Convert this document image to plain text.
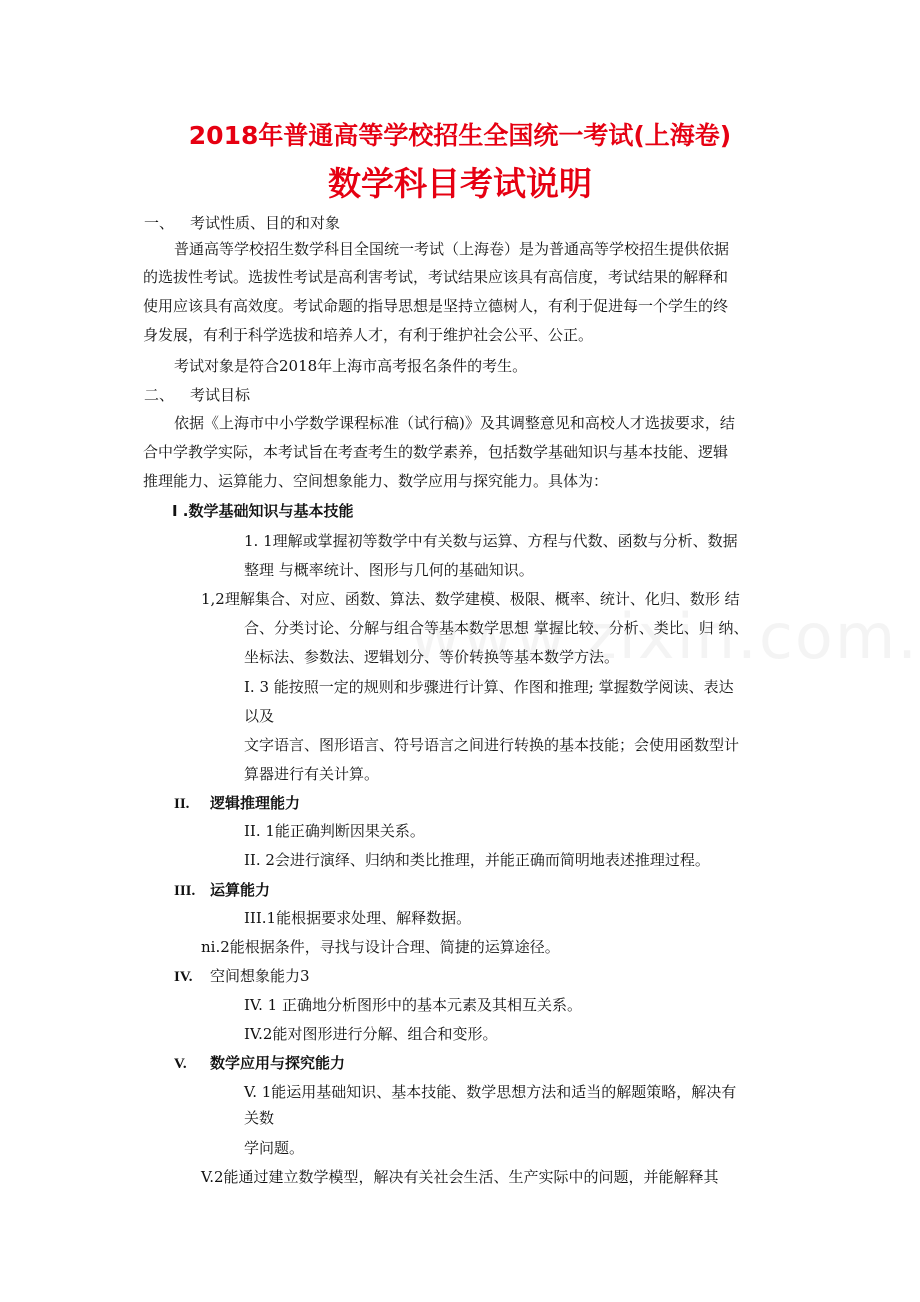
2018年普通高等学校招生全国统一考试(上海卷)
数学科目考试说明
一、 考试性质、目的和对象
普通高等学校招生数学科目全国统一考试（上海卷）是为普通高等学校招生提供依据
的选拔性考试。选拔性考试是高利害考试，考试结果应该具有高信度，考试结果的解释和
使用应该具有高效度。考试命题的指导思想是坚持立德树人，有利于促进每一个学生的终
身发展，有利于科学选拔和培养人才，有利于维护社会公平、公正。
考试对象是符合2018年上海市高考报名条件的考生。
二、 考试目标
依据《上海市中小学数学课程标准（试行稿)》及其调整意见和高校人才选拔要求，结
合中学教学实际，本考试旨在考查考生的数学素养，包括数学基础知识与基本技能、逻辑
推理能力、运算能力、空间想象能力、数学应用与探究能力。具体为：
I .数学基础知识与基本技能
1. 1理解或掌握初等数学中有关数与运算、方程与代数、函数与分析、数据
整理 与概率统计、图形与几何的基础知识。
1,2理解集合、对应、函数、算法、数学建模、极限、概率、统计、化归、数形 结
合、分类讨论、分解与组合等基本数学思想 掌握比较、分析、类比、归 纳、
坐标法、参数法、逻辑划分、等价转换等基本数学方法。
I. 3 能按照一定的规则和步骤进行计算、作图和推理; 掌握数学阅读、表达
以及
文字语言、图形语言、符号语言之间进行转换的基本技能；会使用函数型计
算器进行有关计算。
II. 逻辑推理能力
II. 1能正确判断因果关系。
II. 2会进行演绎、归纳和类比推理，并能正确而简明地表述推理过程。
III. 运算能力
III.1能根据要求处理、解释数据。
ni.2能根据条件，寻找与设计合理、简捷的运算途径。
IV. 空间想象能力3
IV. 1 正确地分析图形中的基本元素及其相互关系。
IV.2能对图形进行分解、组合和变形。
V. 数学应用与探究能力
V. 1能运用基础知识、基本技能、数学思想方法和适当的解题策略，解决有
关数
学问题。
V.2能通过建立数学模型，解决有关社会生活、生产实际中的问题，并能解释其
